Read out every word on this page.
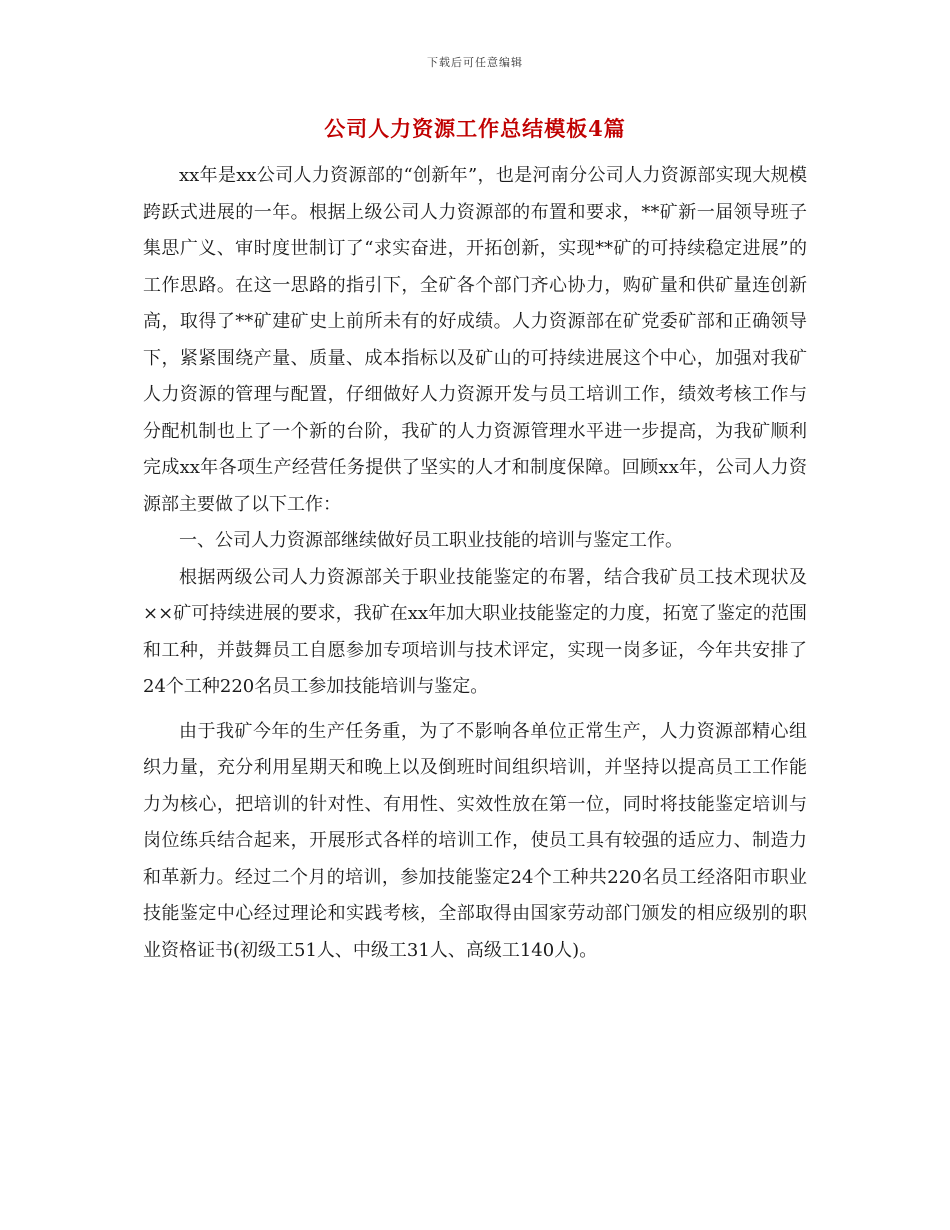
下载后可任意编辑
公司人力资源工作总结模板4篇

xx年是xx公司人力资源部的“创新年”，也是河南分公司人力资源部实现大规模跨跃式进展的一年。根据上级公司人力资源部的布置和要求，**矿新一届领导班子集思广义、审时度世制订了“求实奋进，开拓创新，实现**矿的可持续稳定进展”的工作思路。在这一思路的指引下，全矿各个部门齐心协力，购矿量和供矿量连创新高，取得了**矿建矿史上前所未有的好成绩。人力资源部在矿党委矿部和正确领导下，紧紧围绕产量、质量、成本指标以及矿山的可持续进展这个中心，加强对我矿人力资源的管理与配置，仔细做好人力资源开发与员工培训工作，绩效考核工作与分配机制也上了一个新的台阶，我矿的人力资源管理水平进一步提高，为我矿顺利完成xx年各项生产经营任务提供了坚实的人才和制度保障。回顾xx年，公司人力资源部主要做了以下工作：

一、公司人力资源部继续做好员工职业技能的培训与鉴定工作。

根据两级公司人力资源部关于职业技能鉴定的布署，结合我矿员工技术现状及××矿可持续进展的要求，我矿在xx年加大职业技能鉴定的力度，拓宽了鉴定的范围和工种，并鼓舞员工自愿参加专项培训与技术评定，实现一岗多证，今年共安排了24个工种220名员工参加技能培训与鉴定。

由于我矿今年的生产任务重，为了不影响各单位正常生产，人力资源部精心组织力量，充分利用星期天和晚上以及倒班时间组织培训，并坚持以提高员工工作能力为核心，把培训的针对性、有用性、实效性放在第一位，同时将技能鉴定培训与岗位练兵结合起来，开展形式各样的培训工作，使员工具有较强的适应力、制造力和革新力。经过二个月的培训，参加技能鉴定24个工种共220名员工经洛阳市职业技能鉴定中心经过理论和实践考核，全部取得由国家劳动部门颁发的相应级别的职业资格证书(初级工51人、中级工31人、高级工140人)。
